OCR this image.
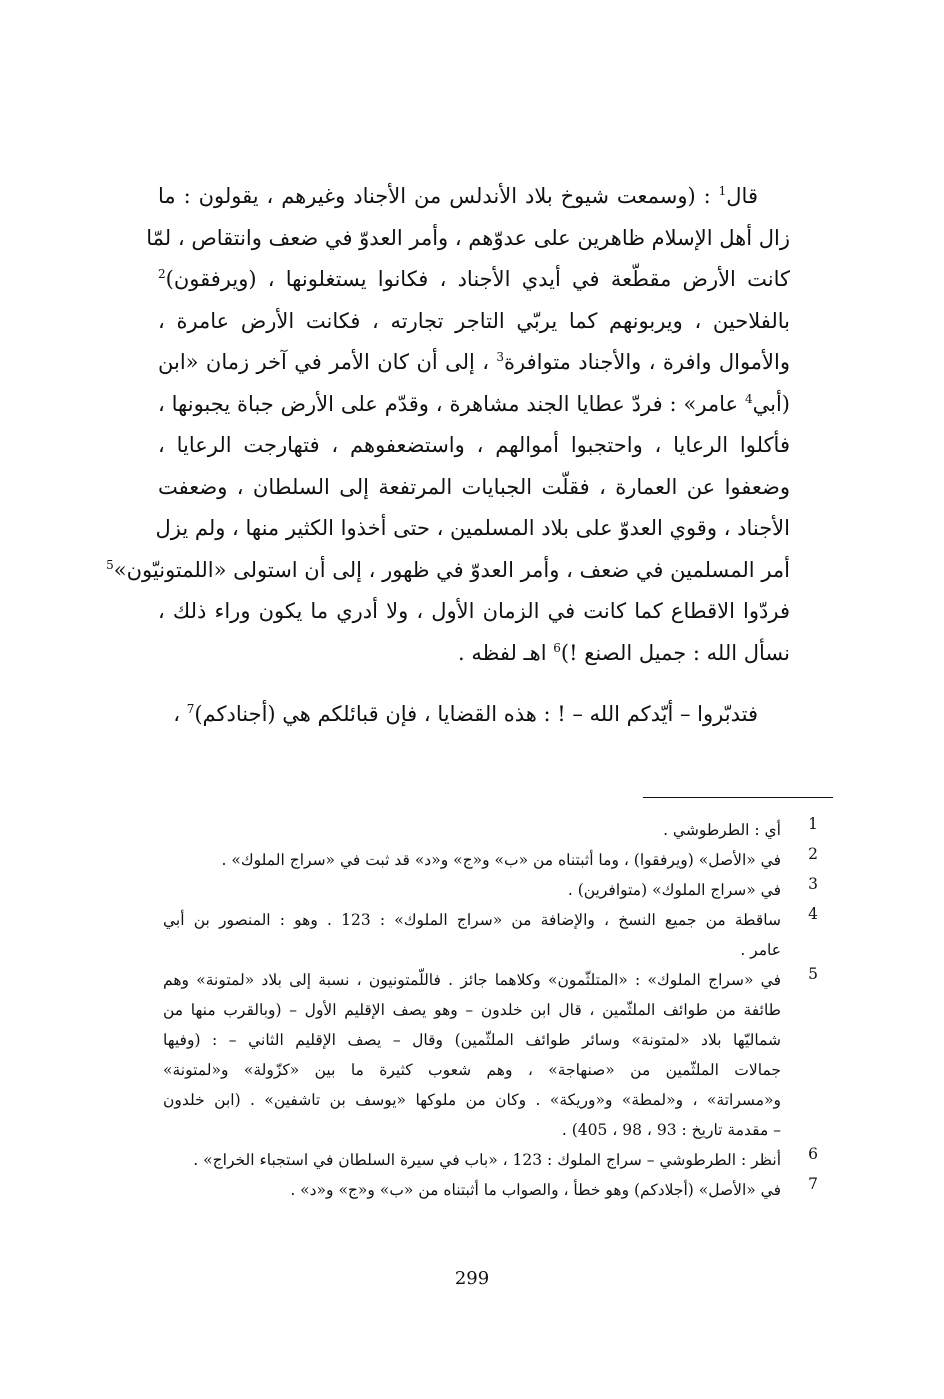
قال$^1$ : (وسمعت شيوخ بلاد الأندلس من الأجناد وغيرهم ، يقولون : ما
زال أهل الإسلام ظاهرين على عدوّهم ، وأمر العدوّ في ضعف وانتقاص ، لمّا
كانت الأرض مقطّعة في أيدي الأجناد ، فكانوا يستغلونها ، (ويرفقون)$^2$
بالفلاحين ، ويربونهم كما يربّي التاجر تجارته ، فكانت الأرض عامرة ،
والأموال وافرة ، والأجناد متوافرة$^3$ ، إلى أن كان الأمر في آخر زمان «ابن
(أبي$^4$ عامر» : فردّ عطايا الجند مشاهرة ، وقدّم على الأرض جباة يجبونها ،
فأكلوا الرعايا ، واحتجبوا أموالهم ، واستضعفوهم ، فتهارجت الرعايا ،
وضعفوا عن العمارة ، فقلّت الجبايات المرتفعة إلى السلطان ، وضعفت
الأجناد ، وقوي العدوّ على بلاد المسلمين ، حتى أخذوا الكثير منها ، ولم يزل
أمر المسلمين في ضعف ، وأمر العدوّ في ظهور ، إلى أن استولى «اللمتونيّون»$^5$
فردّوا الاقطاع كما كانت في الزمان الأول ، ولا أدري ما يكون وراء ذلك ،
نسأل الله : جميل الصنع !)$^6$ اهـ لفظه .
فتدبّروا – أيّدكم الله – ! : هذه القضايا ، فإن قبائلكم هي (أجنادكم)$^7$ ،
1
أي : الطرطوشي .
2
في «الأصل» (ويرفقوا) ، وما أثبتناه من «ب» و«ج» و«د» قد ثبت في «سراج الملوك» .
3
في «سراج الملوك» (متوافرين) .
4
ساقطة من جميع النسخ ، والإضافة من «سراج الملوك» : 123 . وهو : المنصور بن أبي
عامر .
5
في «سراج الملوك» : «المتلثّمون» وكلاهما جائز . فاللّمتونيون ، نسبة إلى بلاد «لمتونة» وهم
طائفة من طوائف الملثّمين ، قال ابن خلدون – وهو يصف الإقليم الأول – (وبالقرب منها من
شماليّها بلاد «لمتونة» وسائر طوائف الملثّمين) وقال – يصف الإقليم الثاني – : (وفيها
جمالات الملثّمين من «صنهاجة» ، وهم شعوب كثيرة ما بين «كزّولة» و«لمتونة»
و«مسراتة» ، و«لمطة» و«وريكة» . وكان من ملوكها «يوسف بن تاشفين» . (ابن خلدون
– مقدمة تاريخ : 93 ، 98 ، 405) .
6
أنظر : الطرطوشي – سراج الملوك : 123 ، «باب في سيرة السلطان في استجباء الخراج» .
7
في «الأصل» (أجلادكم) وهو خطأ ، والصواب ما أثبتناه من «ب» و«ج» و«د» .
299
